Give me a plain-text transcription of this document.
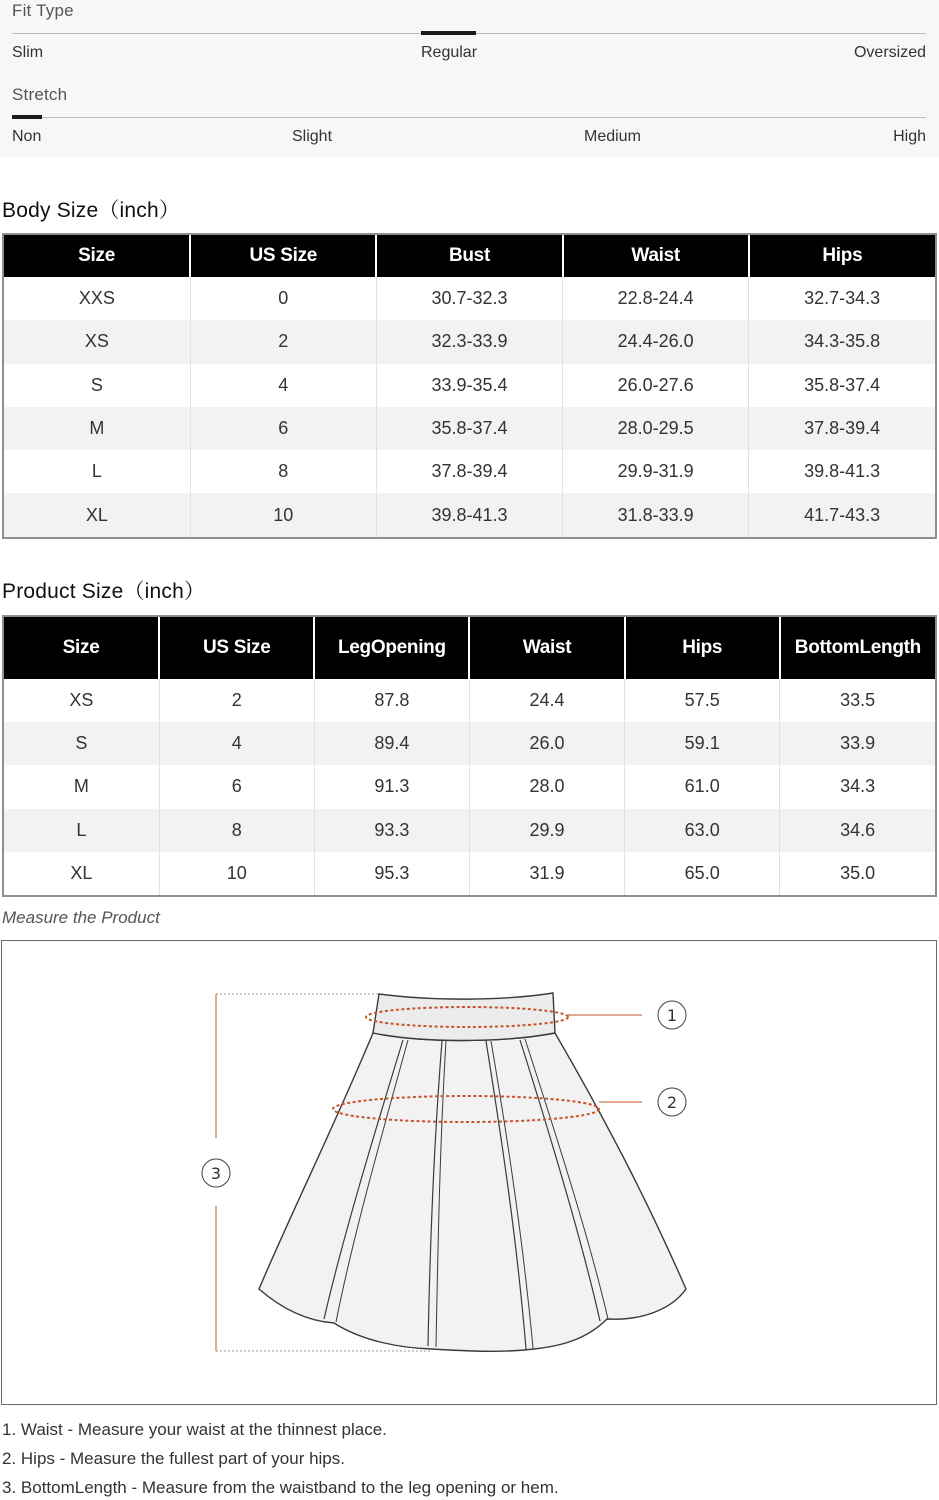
Fit Type
Slim	Regular	Oversized
Stretch
Non	Slight	Medium	High
Body Size（inch）
Size	US Size	Bust	Waist	Hips
XXS	0	30.7-32.3	22.8-24.4	32.7-34.3
XS	2	32.3-33.9	24.4-26.0	34.3-35.8
S	4	33.9-35.4	26.0-27.6	35.8-37.4
M	6	35.8-37.4	28.0-29.5	37.8-39.4
L	8	37.8-39.4	29.9-31.9	39.8-41.3
XL	10	39.8-41.3	31.8-33.9	41.7-43.3
Product Size（inch）
Size	US Size	LegOpening	Waist	Hips	BottomLength
XS	2	87.8	24.4	57.5	33.5
S	4	89.4	26.0	59.1	33.9
M	6	91.3	28.0	61.0	34.3
L	8	93.3	29.9	63.0	34.6
XL	10	95.3	31.9	65.0	35.0
Measure the Product
1
2
3
1. Waist - Measure your waist at the thinnest place.
2. Hips - Measure the fullest part of your hips.
3. BottomLength - Measure from the waistband to the leg opening or hem.
